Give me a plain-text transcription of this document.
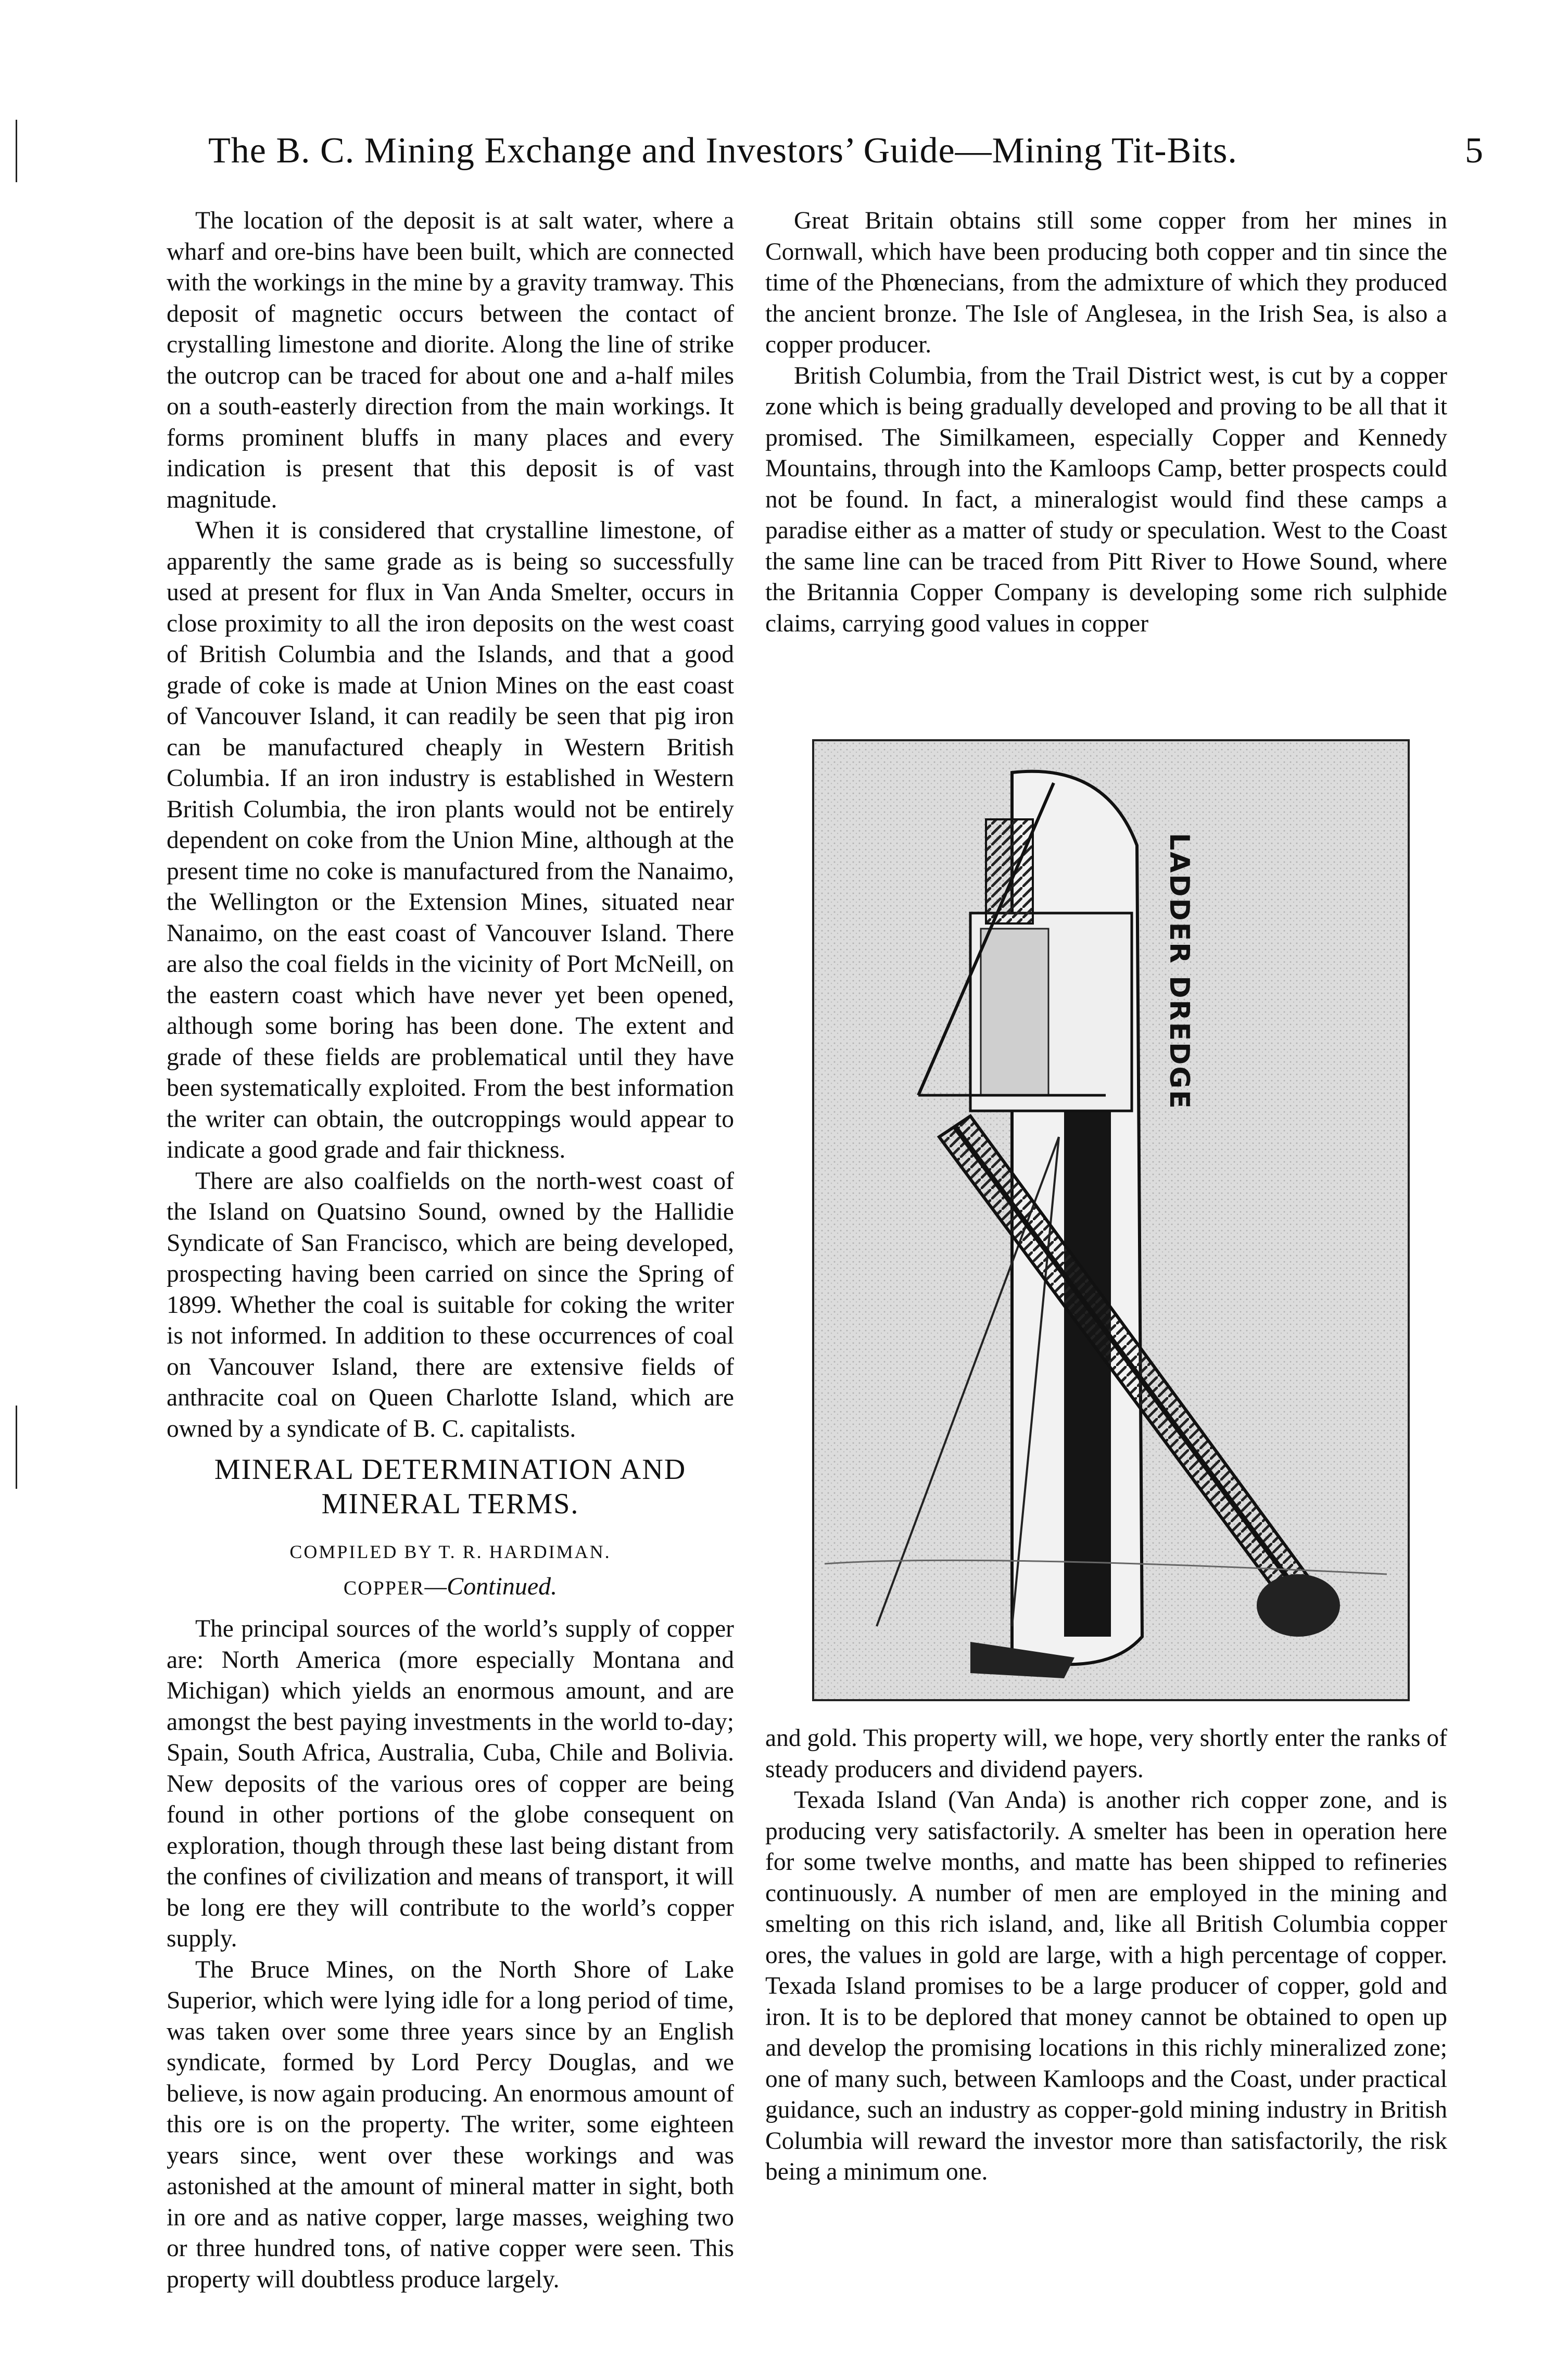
The B. C. Mining Exchange and Investors’ Guide—Mining Tit-Bits.	5

The location of the deposit is at salt water, where a wharf and ore-bins have been built, which are connected with the workings in the mine by a gravity tramway. This deposit of magnetic occurs between the contact of crystalling limestone and diorite. Along the line of strike the outcrop can be traced for about one and a-half miles on a south-easterly direction from the main workings. It forms prominent bluffs in many places and every indication is present that this deposit is of vast magnitude.

When it is considered that crystalline limestone, of apparently the same grade as is being so successfully used at present for flux in Van Anda Smelter, occurs in close proximity to all the iron deposits on the west coast of British Columbia and the Islands, and that a good grade of coke is made at Union Mines on the east coast of Vancouver Island, it can readily be seen that pig iron can be manufactured cheaply in Western British Columbia. If an iron industry is established in Western British Columbia, the iron plants would not be entirely dependent on coke from the Union Mine, although at the present time no coke is manufactured from the Nanaimo, the Wellington or the Extension Mines, situated near Nanaimo, on the east coast of Vancouver Island. There are also the coal fields in the vicinity of Port McNeill, on the eastern coast which have never yet been opened, although some boring has been done. The extent and grade of these fields are problematical until they have been systematically exploited. From the best information the writer can obtain, the outcroppings would appear to indicate a good grade and fair thickness.

There are also coalfields on the north-west coast of the Island on Quatsino Sound, owned by the Hallidie Syndicate of San Francisco, which are being developed, prospecting having been carried on since the Spring of 1899. Whether the coal is suitable for coking the writer is not informed. In addition to these occurrences of coal on Vancouver Island, there are extensive fields of anthracite coal on Queen Charlotte Island, which are owned by a syndicate of B. C. capitalists.

MINERAL DETERMINATION AND MINERAL TERMS.
COMPILED BY T. R. HARDIMAN.
COPPER—Continued.

The principal sources of the world’s supply of copper are: North America (more especially Montana and Michigan) which yields an enormous amount, and are amongst the best paying investments in the world to-day; Spain, South Africa, Australia, Cuba, Chile and Bolivia. New deposits of the various ores of copper are being found in other portions of the globe consequent on exploration, though through these last being distant from the confines of civilization and means of transport, it will be long ere they will contribute to the world’s copper supply.

The Bruce Mines, on the North Shore of Lake Superior, which were lying idle for a long period of time, was taken over some three years since by an English syndicate, formed by Lord Percy Douglas, and we believe, is now again producing. An enormous amount of this ore is on the property. The writer, some eighteen years since, went over these workings and was astonished at the amount of mineral matter in sight, both in ore and as native copper, large masses, weighing two or three hundred tons, of native copper were seen. This property will doubtless produce largely.

Great Britain obtains still some copper from her mines in Cornwall, which have been producing both copper and tin since the time of the Phœnecians, from the admixture of which they produced the ancient bronze. The Isle of Anglesea, in the Irish Sea, is also a copper producer.

British Columbia, from the Trail District west, is cut by a copper zone which is being gradually developed and proving to be all that it promised. The Similkameen, especially Copper and Kennedy Mountains, through into the Kamloops Camp, better prospects could not be found. In fact, a mineralogist would find these camps a paradise either as a matter of study or speculation. West to the Coast the same line can be traced from Pitt River to Howe Sound, where the Britannia Copper Company is developing some rich sulphide claims, carrying good values in copper

LADDER DREDGE

and gold. This property will, we hope, very shortly enter the ranks of steady producers and dividend payers.

Texada Island (Van Anda) is another rich copper zone, and is producing very satisfactorily. A smelter has been in operation here for some twelve months, and matte has been shipped to refineries continuously. A number of men are employed in the mining and smelting on this rich island, and, like all British Columbia copper ores, the values in gold are large, with a high percentage of copper. Texada Island promises to be a large producer of copper, gold and iron. It is to be deplored that money cannot be obtained to open up and develop the promising locations in this richly mineralized zone; one of many such, between Kamloops and the Coast, under practical guidance, such an industry as copper-gold mining industry in British Columbia will reward the investor more than satisfactorily, the risk being a minimum one.
